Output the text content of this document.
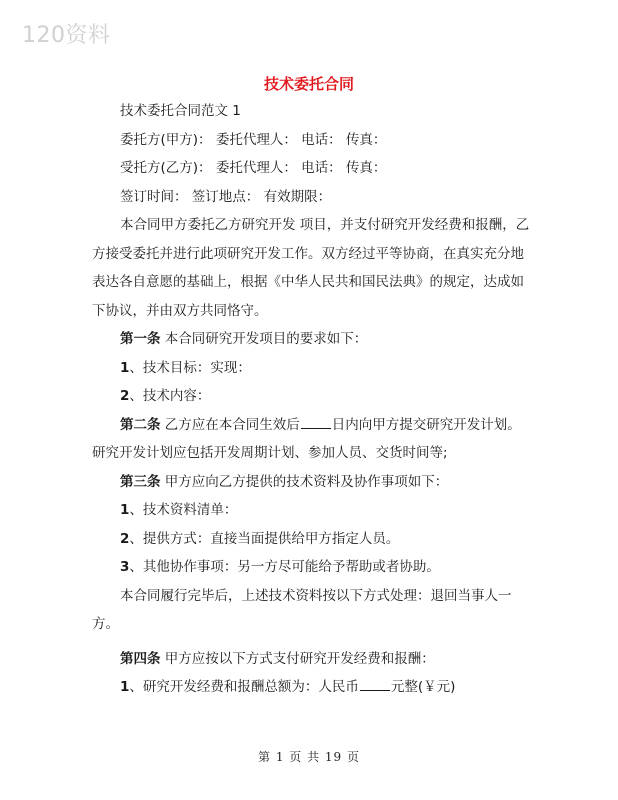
120资料
技术委托合同

技术委托合同范文 1

委托方(甲方)： 委托代理人： 电话： 传真：

受托方(乙方)： 委托代理人： 电话： 传真：

签订时间： 签订地点： 有效期限：

本合同甲方委托乙方研究开发 项目，并支付研究开发经费和报酬，乙方接受委托并进行此项研究开发工作。双方经过平等协商，在真实充分地表达各自意愿的基础上，根据《中华人民共和国民法典》的规定，达成如下协议，并由双方共同恪守。

第一条 本合同研究开发项目的要求如下：

1、技术目标：实现：

2、技术内容：

第二条 乙方应在本合同生效后 日内向甲方提交研究开发计划。研究开发计划应包括开发周期计划、参加人员、交货时间等;

第三条 甲方应向乙方提供的技术资料及协作事项如下：

1、技术资料清单：

2、提供方式：直接当面提供给甲方指定人员。

3、其他协作事项：另一方尽可能给予帮助或者协助。

本合同履行完毕后，上述技术资料按以下方式处理：退回当事人一方。

第四条 甲方应按以下方式支付研究开发经费和报酬：

1、研究开发经费和报酬总额为：人民币 元整(￥元)

第 1 页 共 19 页
